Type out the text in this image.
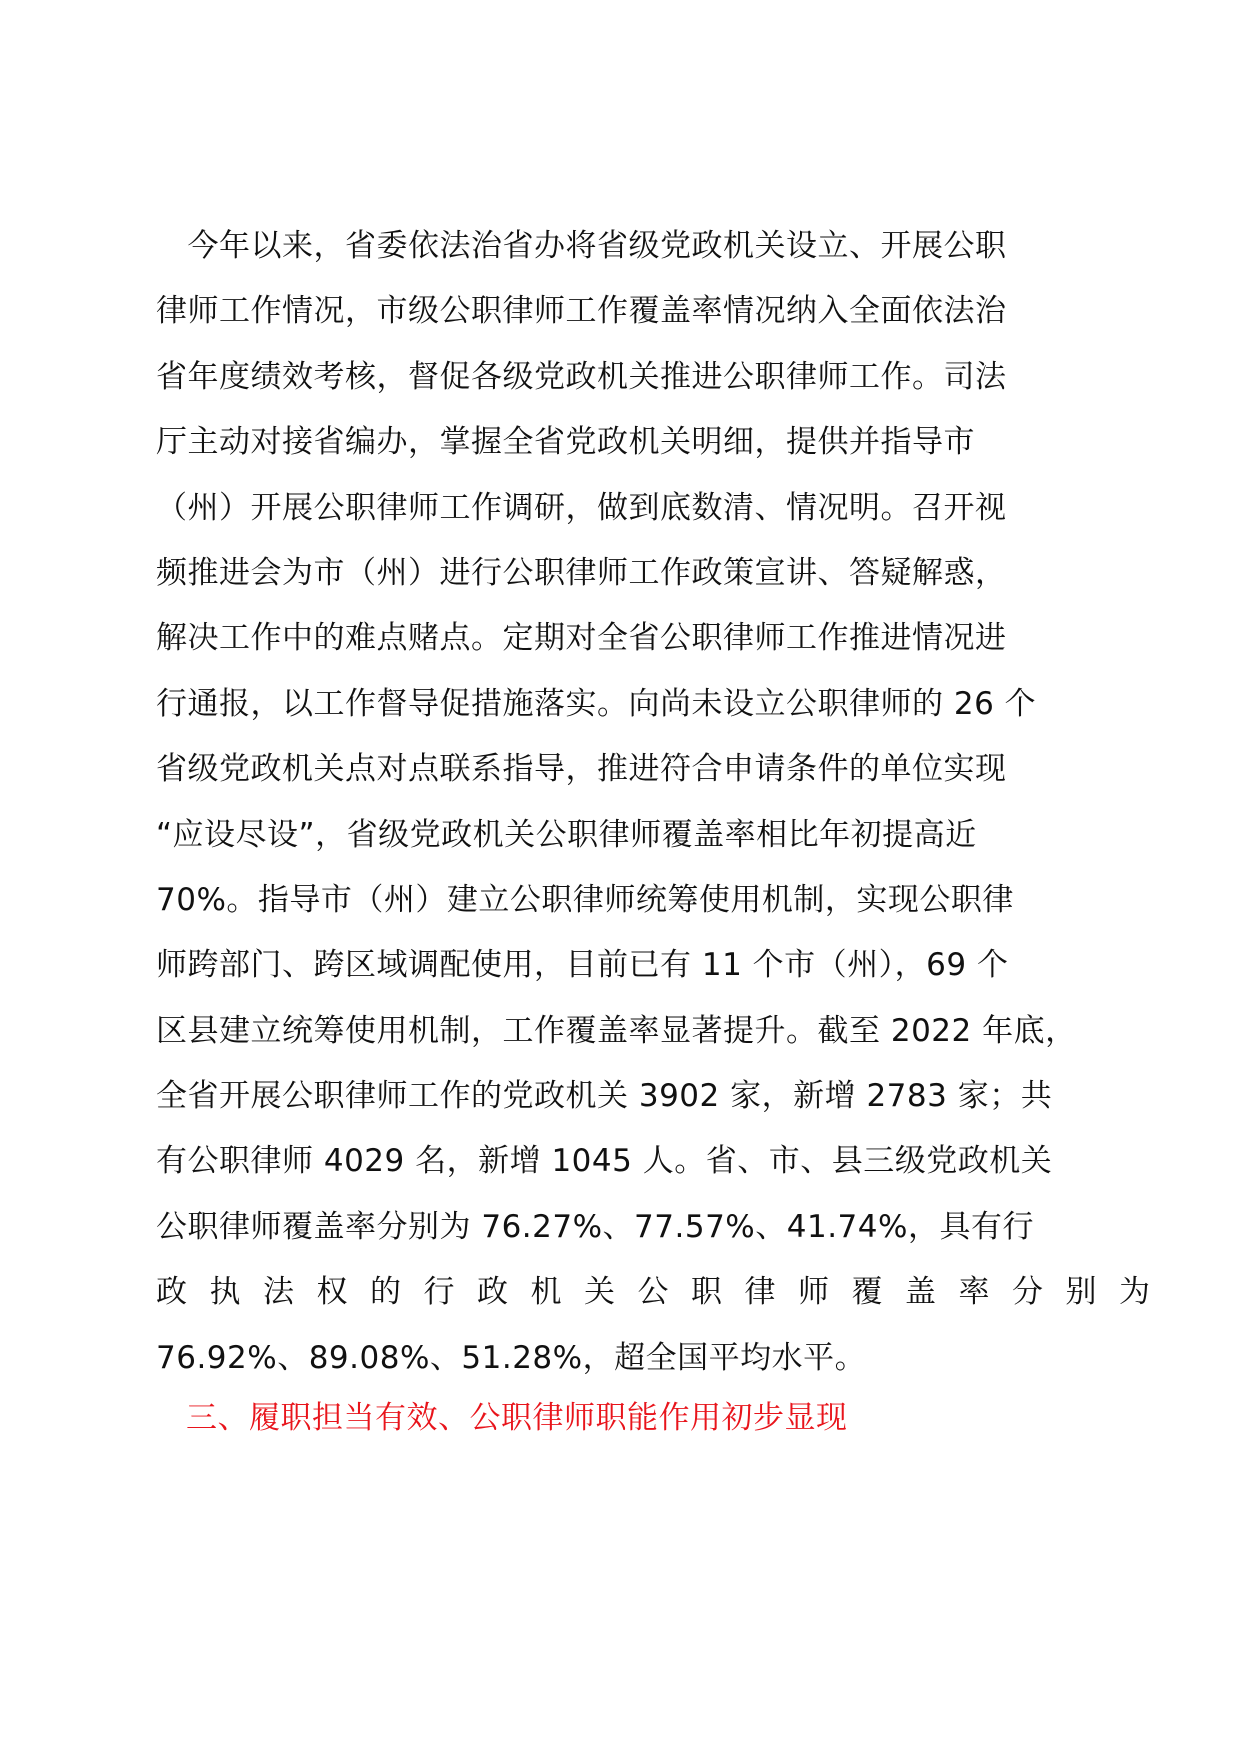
　今年以来，省委依法治省办将省级党政机关设立、开展公职
律师工作情况，市级公职律师工作覆盖率情况纳入全面依法治
省年度绩效考核，督促各级党政机关推进公职律师工作。司法
厅主动对接省编办，掌握全省党政机关明细，提供并指导市
（州）开展公职律师工作调研，做到底数清、情况明。召开视
频推进会为市（州）进行公职律师工作政策宣讲、答疑解惑，
解决工作中的难点赌点。定期对全省公职律师工作推进情况进
行通报，以工作督导促措施落实。向尚未设立公职律师的 26 个
省级党政机关点对点联系指导，推进符合申请条件的单位实现
“应设尽设”，省级党政机关公职律师覆盖率相比年初提高近
70%。指导市（州）建立公职律师统筹使用机制，实现公职律
师跨部门、跨区域调配使用，目前已有 11 个市（州），69 个
区县建立统筹使用机制，工作覆盖率显著提升。截至 2022 年底，
全省开展公职律师工作的党政机关 3902 家，新增 2783 家；共
有公职律师 4029 名，新增 1045 人。省、市、县三级党政机关
公职律师覆盖率分别为 76.27%、77.57%、41.74%，具有行
政执法权的行政机关公职律师覆盖率分别为
76.92%、89.08%、51.28%，超全国平均水平。
三、履职担当有效、公职律师职能作用初步显现
